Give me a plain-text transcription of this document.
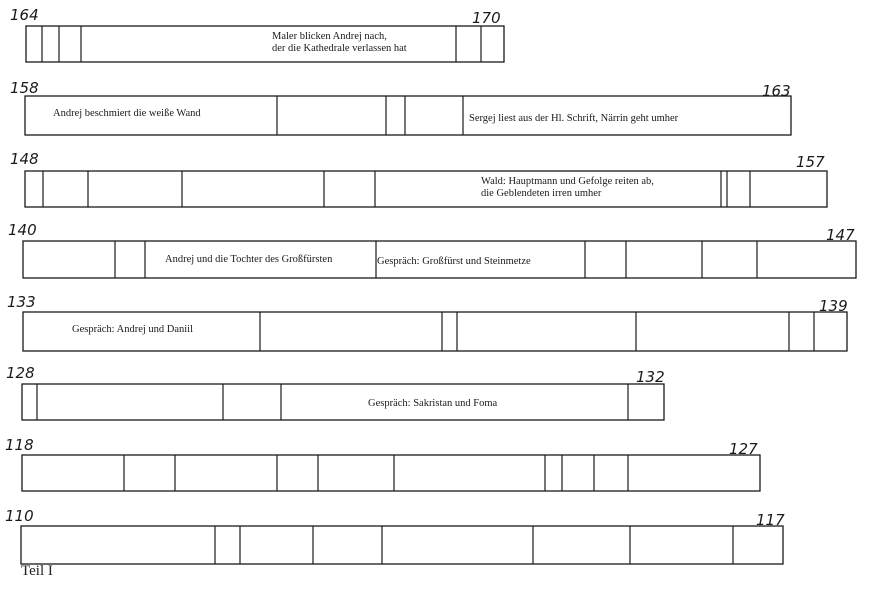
164	170
Maler blicken Andrej nach,
der die Kathedrale verlassen hat
158	163
Andrej beschmiert die weiße Wand	Sergej liest aus der Hl. Schrift, Närrin geht umher
148	157
Wald: Hauptmann und Gefolge reiten ab,
die Geblendeten irren umher
140	147
Andrej und die Tochter des Großfürsten	Gespräch: Großfürst und Steinmetze
133	139
Gespräch: Andrej und Daniil
128	132
Gespräch: Sakristan und Foma
118	127
110	117
Teil I
